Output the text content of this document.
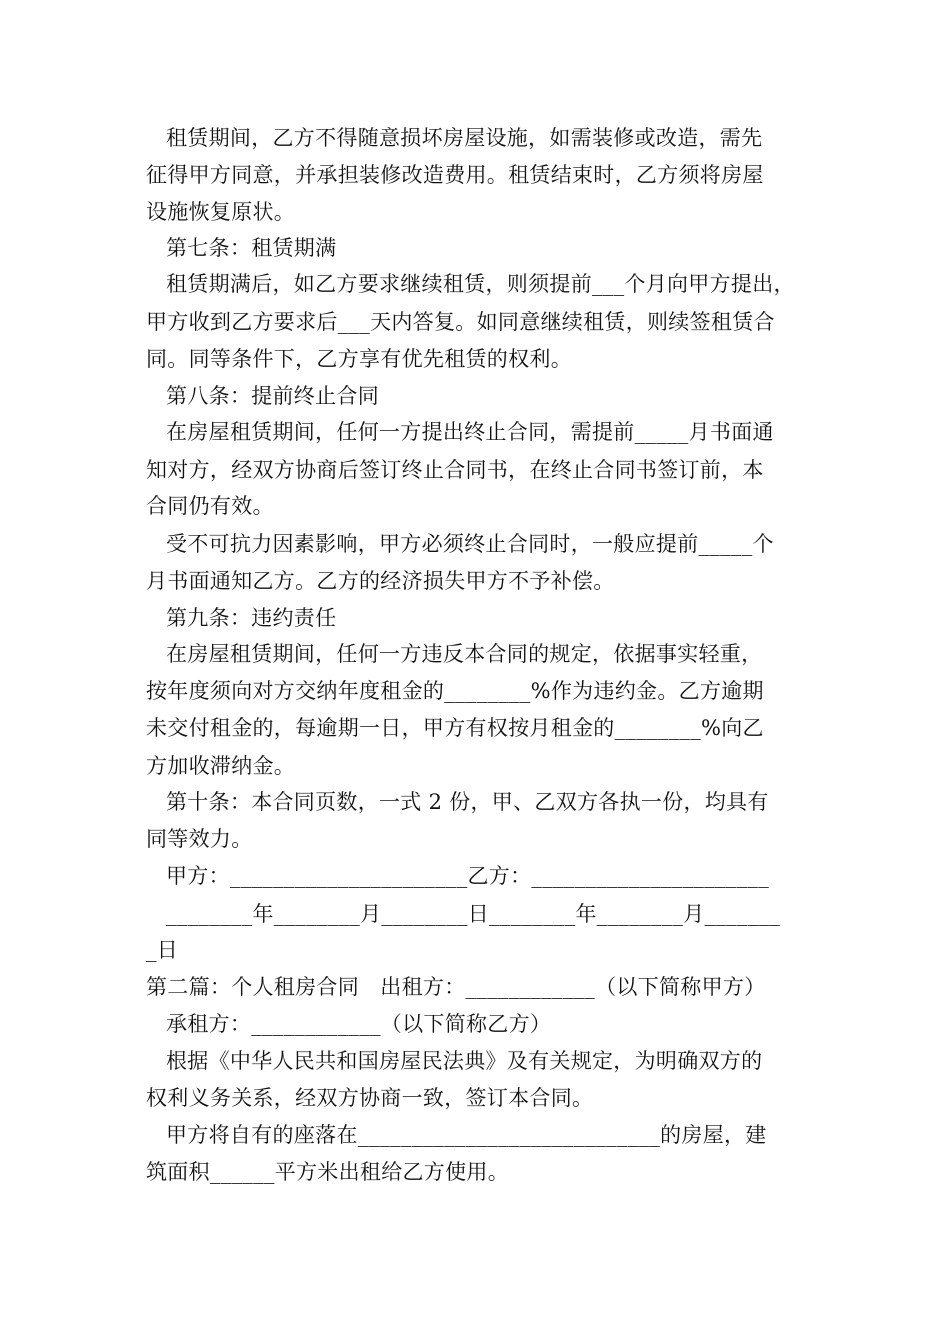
租赁期间，乙方不得随意损坏房屋设施，如需装修或改造，需先
征得甲方同意，并承担装修改造费用。租赁结束时，乙方须将房屋
设施恢复原状。
第七条：租赁期满
租赁期满后，如乙方要求继续租赁，则须提前___个月向甲方提出，
甲方收到乙方要求后___天内答复。如同意继续租赁，则续签租赁合
同。同等条件下，乙方享有优先租赁的权利。
第八条：提前终止合同
在房屋租赁期间，任何一方提出终止合同，需提前_____月书面通
知对方，经双方协商后签订终止合同书，在终止合同书签订前，本
合同仍有效。
受不可抗力因素影响，甲方必须终止合同时，一般应提前_____个
月书面通知乙方。乙方的经济损失甲方不予补偿。
第九条：违约责任
在房屋租赁期间，任何一方违反本合同的规定，依据事实轻重，
按年度须向对方交纳年度租金的________%作为违约金。乙方逾期
未交付租金的，每逾期一日，甲方有权按月租金的________%向乙
方加收滞纳金。
第十条：本合同页数，一式 2 份，甲、乙双方各执一份，均具有
同等效力。
甲方：______________________乙方：______________________
________年________月________日________年________月_______
_日
第二篇：个人租房合同　出租方：____________（以下简称甲方）
承租方：____________（以下简称乙方）
根据《中华人民共和国房屋民法典》及有关规定，为明确双方的
权利义务关系，经双方协商一致，签订本合同。
甲方将自有的座落在____________________________的房屋，建
筑面积______平方米出租给乙方使用。
